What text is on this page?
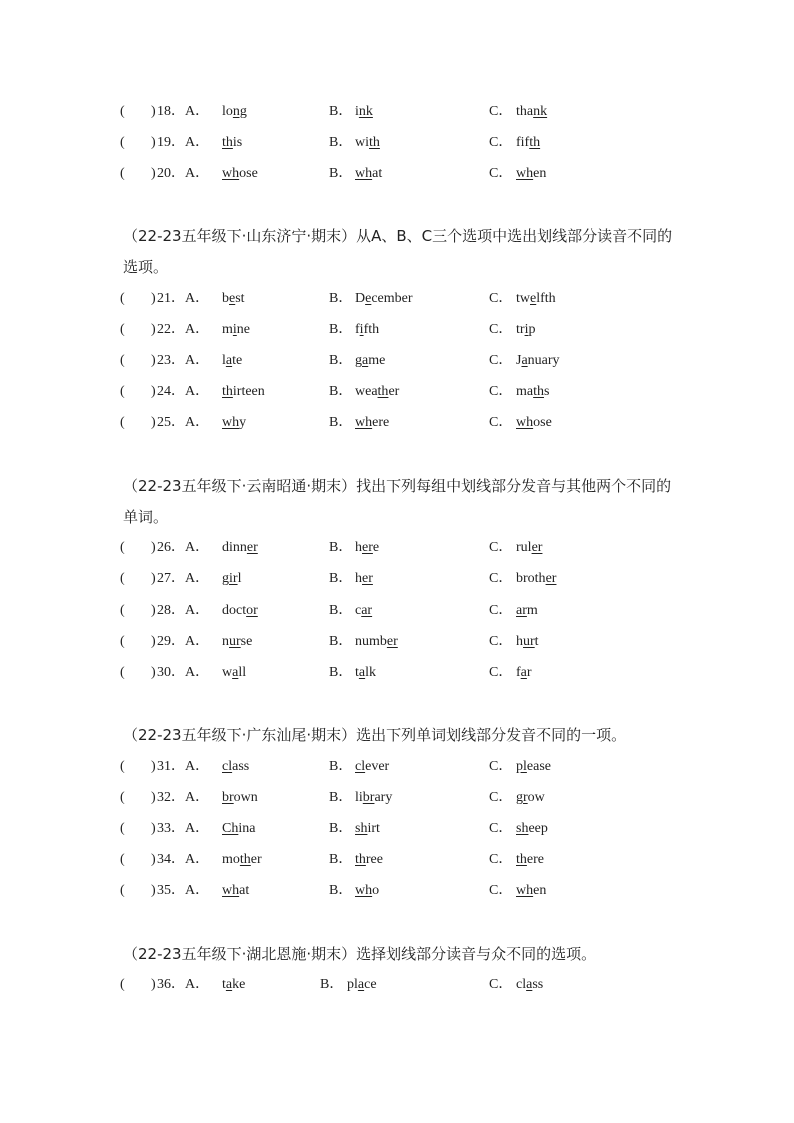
( ) 18．A． long	B． ink	C． thank
( ) 19．A． this	B． with	C． fifth
( ) 20．A． whose	B． what	C． when
（22-23五年级下·山东济宁·期末）从A、B、C三个选项中选出划线部分读音不同的选项。
( ) 21．A． best	B． December	C． twelfth
( ) 22．A． mine	B． fifth	C． trip
( ) 23．A． late	B． game	C． January
( ) 24．A． thirteen	B． weather	C． maths
( ) 25．A． why	B． where	C． whose
（22-23五年级下·云南昭通·期末）找出下列每组中划线部分发音与其他两个不同的单词。
( ) 26．A． dinner	B． here	C． ruler
( ) 27．A． girl	B． her	C． brother
( ) 28．A． doctor	B． car	C． arm
( ) 29．A． nurse	B． number	C． hurt
( ) 30．A． wall	B． talk	C． far
（22-23五年级下·广东汕尾·期末）选出下列单词划线部分发音不同的一项。
( ) 31．A． class	B． clever	C． please
( ) 32．A． brown	B． library	C． grow
( ) 33．A． China	B． shirt	C． sheep
( ) 34．A． mother	B． three	C． there
( ) 35．A． what	B． who	C． when
（22-23五年级下·湖北恩施·期末）选择划线部分读音与众不同的选项。
( ) 36．A． take	B． place	C． class
